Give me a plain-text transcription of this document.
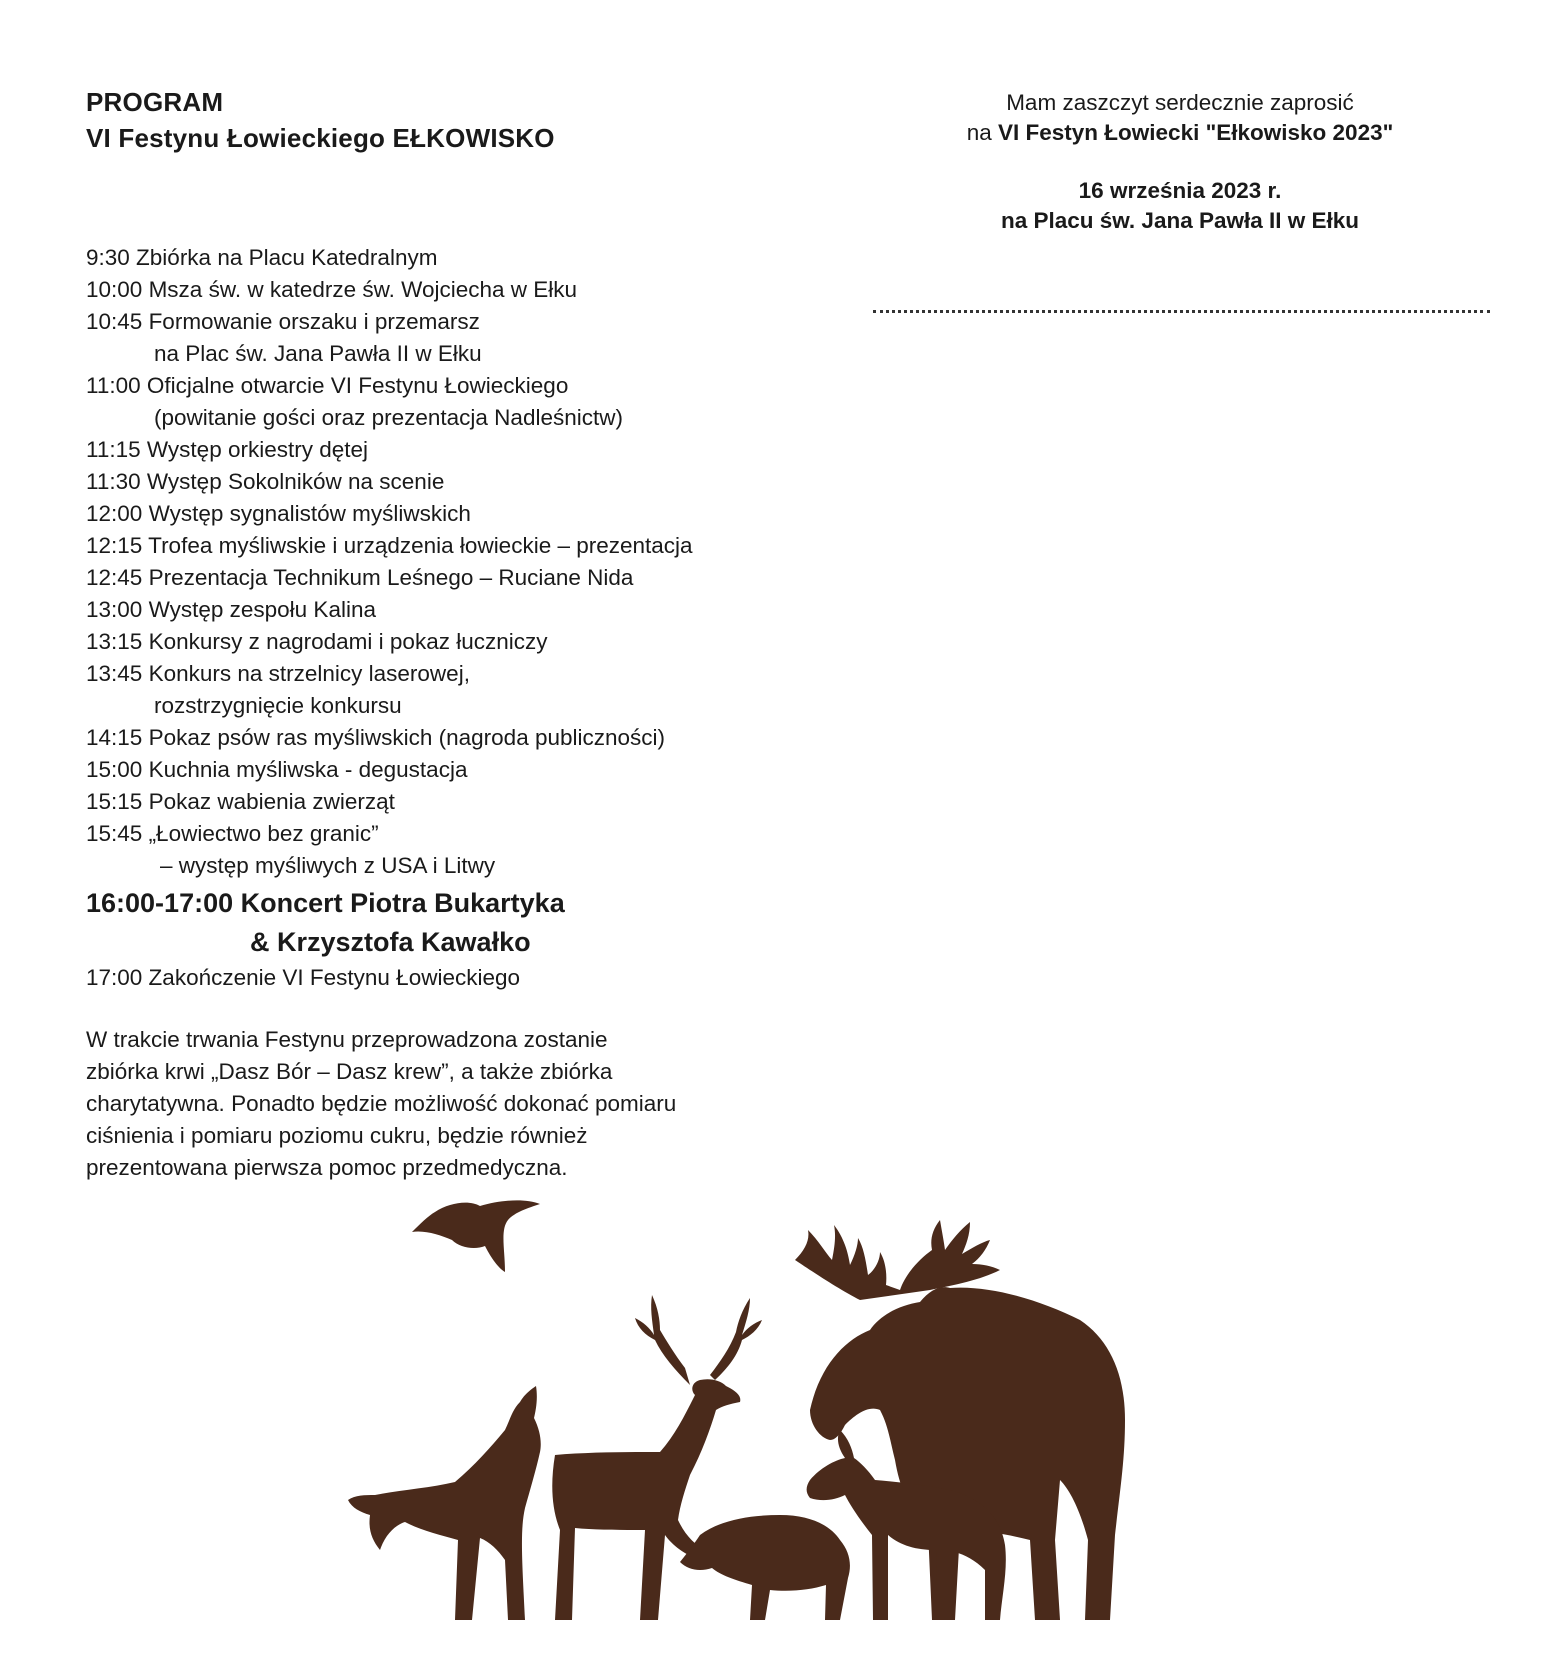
PROGRAM

VI Festynu Łowieckiego EŁKOWISKO

9:30 Zbiórka na Placu Katedralnym
10:00 Msza św. w katedrze św. Wojciecha w Ełku
10:45 Formowanie orszaku i przemarsz
na Plac św. Jana Pawła II w Ełku
11:00 Oficjalne otwarcie VI Festynu Łowieckiego
(powitanie gości oraz prezentacja Nadleśnictw)
11:15 Występ orkiestry dętej
11:30 Występ Sokolników na scenie
12:00 Występ sygnalistów myśliwskich
12:15 Trofea myśliwskie i urządzenia łowieckie – prezentacja
12:45 Prezentacja Technikum Leśnego – Ruciane Nida
13:00 Występ zespołu Kalina
13:15 Konkursy z nagrodami i pokaz łuczniczy
13:45 Konkurs na strzelnicy laserowej,
rozstrzygnięcie konkursu
14:15 Pokaz psów ras myśliwskich (nagroda publiczności)
15:00 Kuchnia myśliwska - degustacja
15:15 Pokaz wabienia zwierząt
15:45 „Łowiectwo bez granic”
– występ myśliwych z USA i Litwy
16:00-17:00 Koncert Piotra Bukartyka
& Krzysztofa Kawałko
17:00 Zakończenie VI Festynu Łowieckiego

W trakcie trwania Festynu przeprowadzona zostanie

zbiórka krwi „Dasz Bór – Dasz krew”, a także zbiórka

charytatywna. Ponadto będzie możliwość dokonać pomiaru

ciśnienia i pomiaru poziomu cukru, będzie również

prezentowana pierwsza pomoc przedmedyczna.

Mam zaszczyt serdecznie zaprosić

na VI Festyn Łowiecki "Ełkowisko 2023"

16 września 2023 r.

na Placu św. Jana Pawła II w Ełku
